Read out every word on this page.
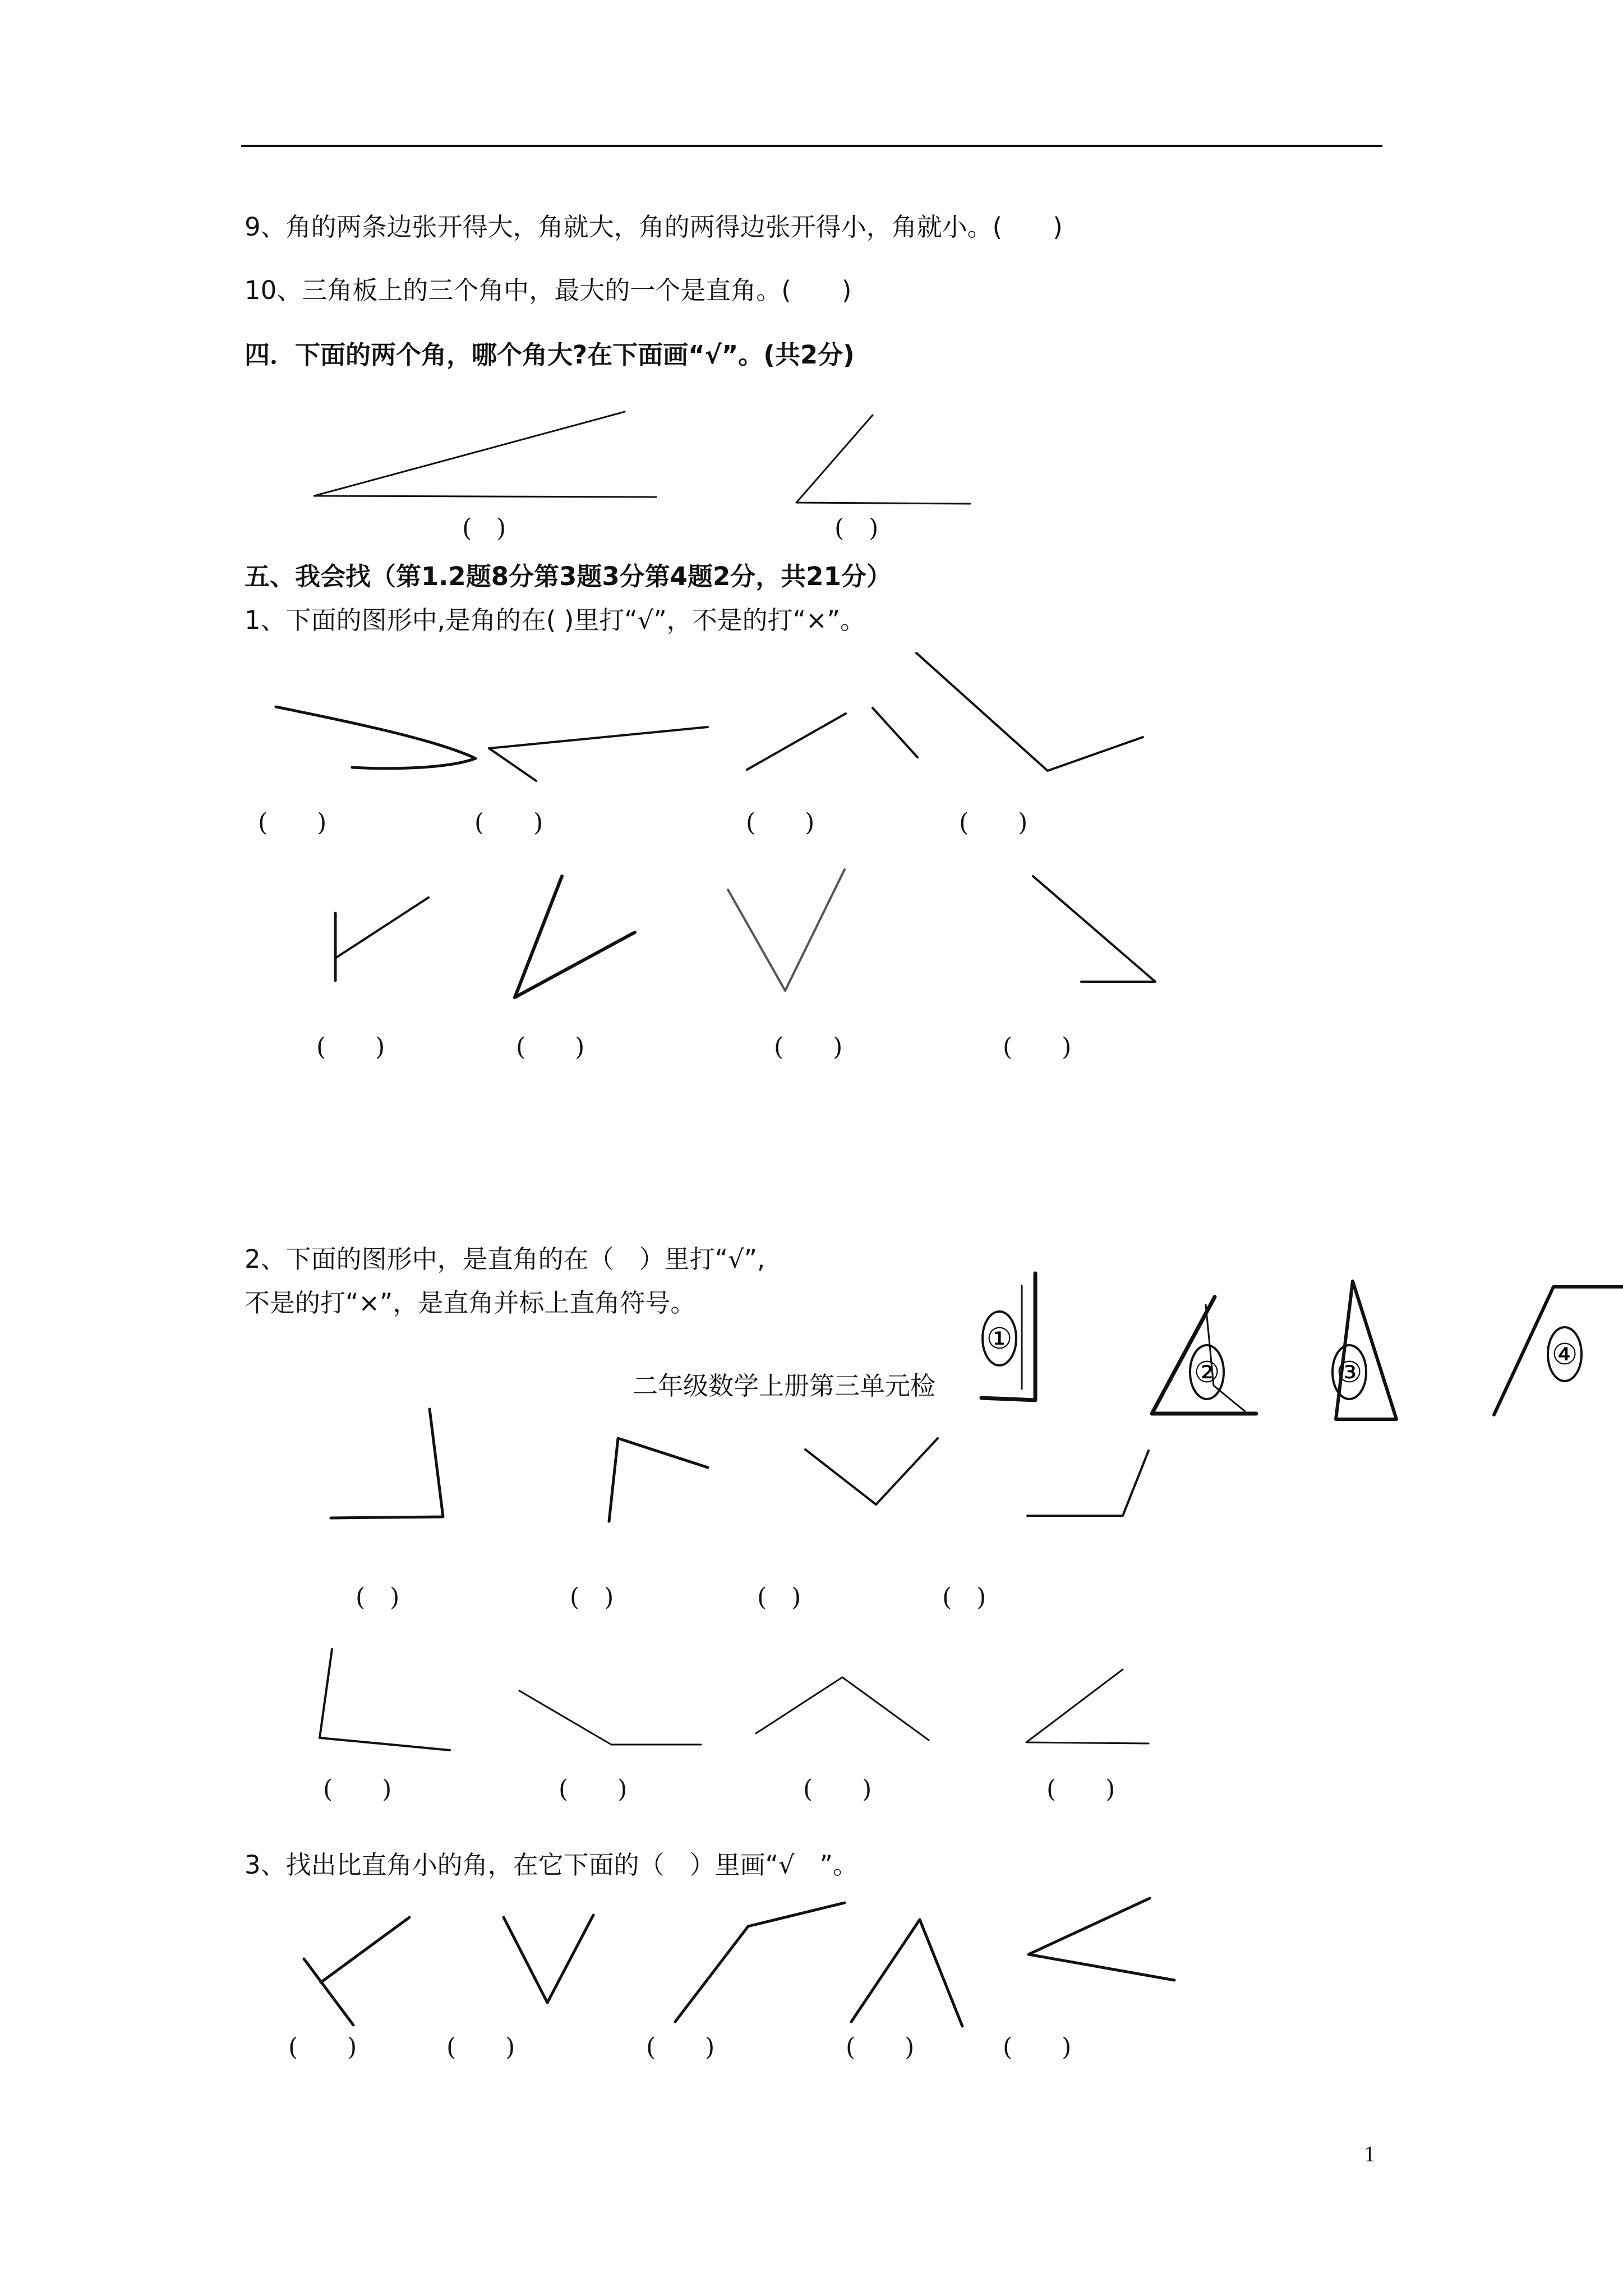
9、角的两条边张开得大，角就大，角的两得边张开得小，角就小。(　　)
10、三角板上的三个角中，最大的一个是直角。(　　)
四．下面的两个角，哪个角大?在下面画“√”。(共2分)
(　)	(　)
五、我会找（第1.2题8分第3题3分第4题2分，共21分）
1、下面的图形中,是角的在( )里打“√”，不是的打“×”。
(　　)	(　　)	(　　)	(　　)
(　　)	(　　)	(　　)	(　　)
2、下面的图形中，是直角的在（　）里打“√”,
不是的打“×”，是直角并标上直角符号。
二年级数学上册第三单元检
(　)	(　)	(　)	(　)
(　　)	(　　)	(　　)	(　　)
3、找出比直角小的角，在它下面的（　）里画“√　”。
(　　)	(　　)	(　　)	(　　)	(　　)
1
①
②	③
④
